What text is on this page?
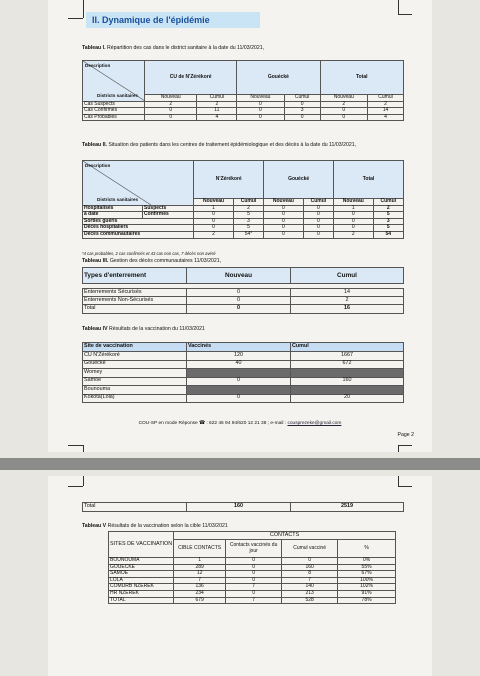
II. Dynamique de l'épidémie
Tableau I. Répartition des cas dans le district sanitaire à la date du 11/03/2021,
Description
Districts sanitaires	CU de N'Zérékoré		Gouéckè		Total	
	Nouveau	Cumul	Nouveau	Cumul	Nouveau	Cumul
Cas Suspects	2	2	0	0	2	2
Cas Confirmés	0	11	0	3	0	14
Cas Probables	0	4	0	0	0	4
Tableau II. Situation des patients dans les centres de traitement épidémiologique et des décès à la date du 11/03/2021,
Description
Districts sanitaires		N'Zérékoré		Gouécké		Total	
		Nouveau	Cumul	Nouveau	Cumul	Nouveau	Cumul
Hospitalisés	Suspects	1	2	0	0	1	2
à date	Confirmés	0	5	0	0	0	5
Sorties guéris		0	3	0	0	0	3
Décès hospitaliers		0	5	0	0	0	5
Décès communautaires		2	54*	0	0	2	54
*4 cas probables, 2 cas confirmés et 43 cas non cas, 7 décès non avéré
Tableau III. Gestion des décès communautaires 11/03/2021,
Types d'enterrement	Nouveau	Cumul

Enterrements Sécurisés	0	14
Enterrements Non-Sécurisés	0	2
Total	0	16
Tableau IV Résultats de la vaccination du 11/03/2021
Site de vaccination	Vaccinés	Cumul
CU N'Zérékoré	120	1667
Gouécké	40	672
Womey		
Samoe	0	160
Bounouma		
Kokota(Lola)	0	20
COU-SP en mode Réponse ☎ : 622 46 94 94/620 12 21 38 ; e-mail : cousprezeke@gmail.com
Page 2
Total	160	2519
Tableau V Résultats de la vaccination selon la cible 11/03/2021
SITES DE VACCINATION	CONTACTS			
	CIBLE CONTACTS	Contacts vaccinés du jour	Cumul vacciné	%
BOUNOUMA	1	0	0	0%
GOUECKE	289	0	160	55%
SAMOE	12	0	8	67%
LOLA	7	0	7	100%
COMURB NZEREK	136	7	140	102%
HR NZEREK	234	0	213	91%
TOTAL	679	7	528	78%
